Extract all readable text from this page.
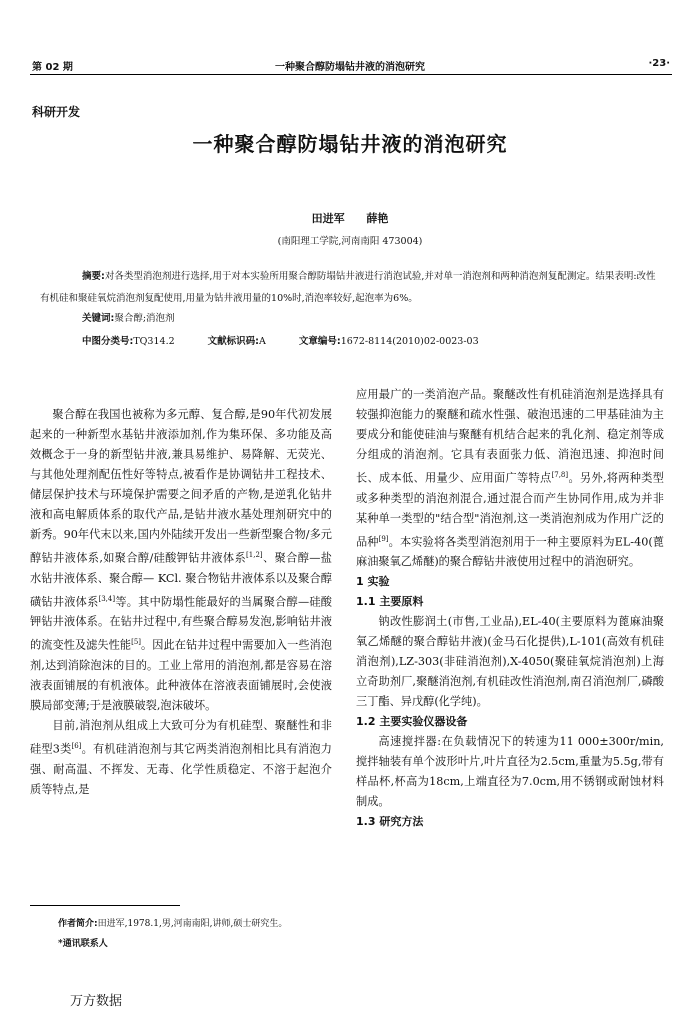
第 02 期	一种聚合醇防塌钻井液的消泡研究	·23·
科研开发
一种聚合醇防塌钻井液的消泡研究
田进军 薛艳
(南阳理工学院,河南南阳 473004)
摘要:对各类型消泡剂进行选择,用于对本实验所用聚合醇防塌钻井液进行消泡试验,并对单一消泡剂和两种消泡剂复配测定。结果表明:改性有机硅和聚硅氧烷消泡剂复配使用,用量为钻井液用量的10%时,消泡率较好,起泡率为6%。
关键词:聚合醇;消泡剂
中图分类号:TQ314.2	文献标识码:A	文章编号:1672-8114(2010)02-0023-03

聚合醇在我国也被称为多元醇、复合醇,是90年代初发展起来的一种新型水基钻井液添加剂,作为集环保、多功能及高效概念于一身的新型钻井液,兼具易维护、易降解、无荧光、与其他处理剂配伍性好等特点,被看作是协调钻井工程技术、储层保护技术与环境保护需要之间矛盾的产物,是逆乳化钻井液和高电解质体系的取代产品,是钻井液水基处理剂研究中的新秀。90年代末以来,国内外陆续开发出一些新型聚合物/多元醇钻井液体系,如聚合醇/硅酸钾钻井液体系[1,2]、聚合醇—盐水钻井液体系、聚合醇— KCl. 聚合物钻井液体系以及聚合醇磺钻井液体系[3,4]等。其中防塌性能最好的当属聚合醇—硅酸钾钻井液体系。在钻井过程中,有些聚合醇易发泡,影响钻井液的流变性及滤失性能[5]。因此在钻井过程中需要加入一些消泡剂,达到消除泡沫的目的。工业上常用的消泡剂,都是容易在溶液表面铺展的有机液体。此种液体在溶液表面铺展时,会使液膜局部变薄;于是液膜破裂,泡沫破坏。

目前,消泡剂从组成上大致可分为有机硅型、聚醚性和非硅型3类[6]。有机硅消泡剂与其它两类消泡剂相比具有消泡力强、耐高温、不挥发、无毒、化学性质稳定、不溶于起泡介质等特点,是

应用最广的一类消泡产品。聚醚改性有机硅消泡剂是选择具有较强抑泡能力的聚醚和疏水性强、破泡迅速的二甲基硅油为主要成分和能使硅油与聚醚有机结合起来的乳化剂、稳定剂等成分组成的消泡剂。它具有表面张力低、消泡迅速、抑泡时间长、成本低、用量少、应用面广等特点[7,8]。另外,将两种类型或多种类型的消泡剂混合,通过混合而产生协同作用,成为并非某种单一类型的"结合型"消泡剂,这一类消泡剂成为作用广泛的品种[9]。本实验将各类型消泡剂用于一种主要原料为EL-40(蓖麻油聚氧乙烯醚)的聚合醇钻井液使用过程中的消泡研究。

1 实验

1.1 主要原料

钠改性膨润土(市售,工业品),EL-40(主要原料为蓖麻油聚氧乙烯醚的聚合醇钻井液)(金马石化提供),L-101(高效有机硅消泡剂),LZ-303(非硅消泡剂),X-4050(聚硅氧烷消泡剂)上海立奇助剂厂,聚醚消泡剂,有机硅改性消泡剂,南召消泡剂厂,磷酸三丁酯、异戊醇(化学纯)。

1.2 主要实验仪器设备

高速搅拌器:在负载情况下的转速为11 000±300r/min,搅拌轴装有单个波形叶片,叶片直径为2.5cm,重量为5.5g,带有样品杯,杯高为18cm,上端直径为7.0cm,用不锈钢或耐蚀材料制成。

1.3 研究方法

作者简介:田进军,1978.1,男,河南南阳,讲师,硕士研究生。
*通讯联系人
万方数据
